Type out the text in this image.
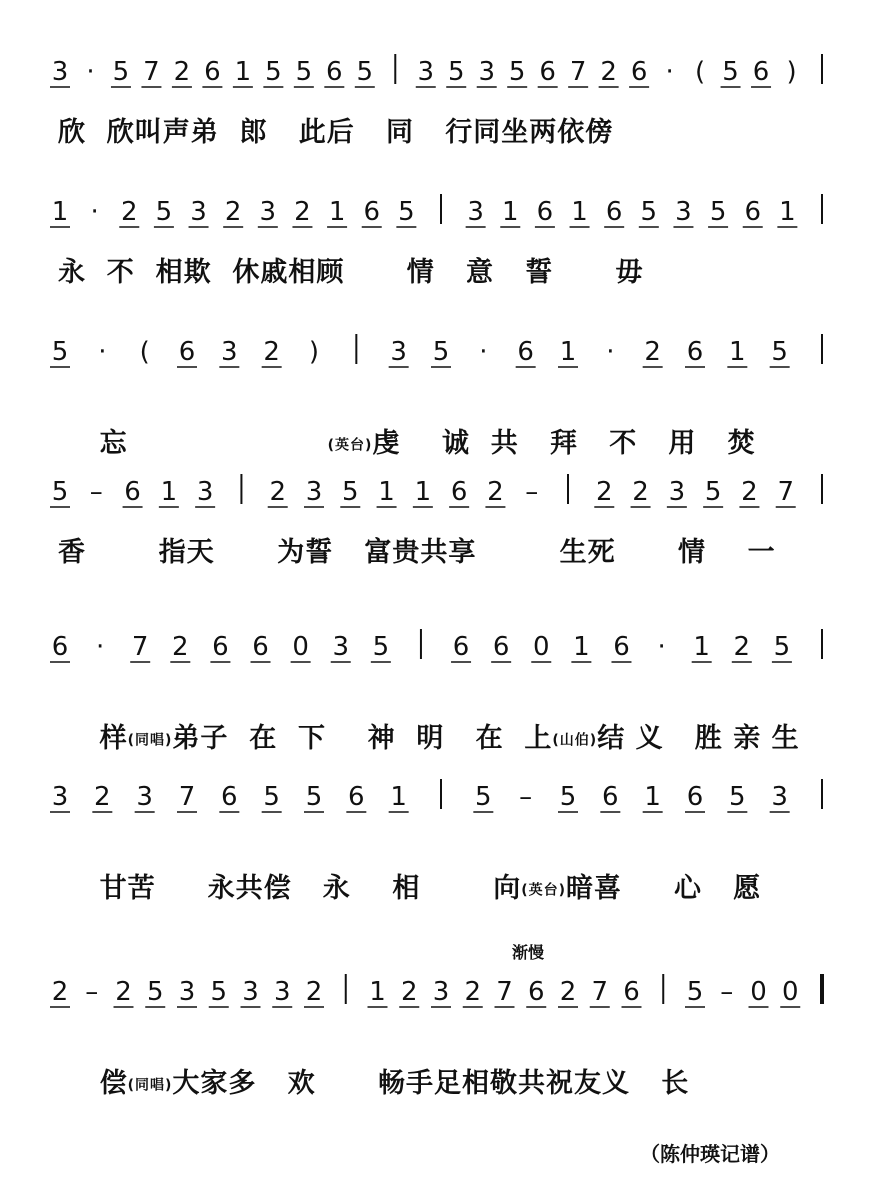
3 · 5 7 2 6 1 5 5 6 5 3 5 3 5 6 7 2 6 · ( 5 6 )
欣  欣叫声弟  郎   此后   同   行同坐两依傍
1 · 2 5 3 2 3 2 1 6 5 3 1 6 1 6 5 3 5 6 1
永  不  相欺  休戚相顾      情   意   誓      毋
5 · ( 6 3 2 )	3 5 · 6 1 · 2 6 1 5

忘	(英台)虔    诚  共   拜   不   用   焚

5 – 6 1 3 2 3 5 1 1 6 2 – 2 2 3 5 2 7
香       指天      为誓   富贵共享        生死      情    一
6 · 7 2 6 6 0 3 5 6 6 0 1 6 · 1 2 5

样(同唱)弟子  在  下    神  明   在  上(山伯)结 义   胜 亲 生

3 2 3 7 6 5 5 6 1	5 – 5 6 1 6 5 3

甘苦     永共偿   永    相       向(英台)暗喜     心   愿

渐慢
2 – 2 5 3 5 3 3 2 1 2 3 2 7 6 2 7 6 5 – 0 0

偿(同唱)大家多   欢      畅手足相敬共祝友义   长

（陈仲瑛记谱）
